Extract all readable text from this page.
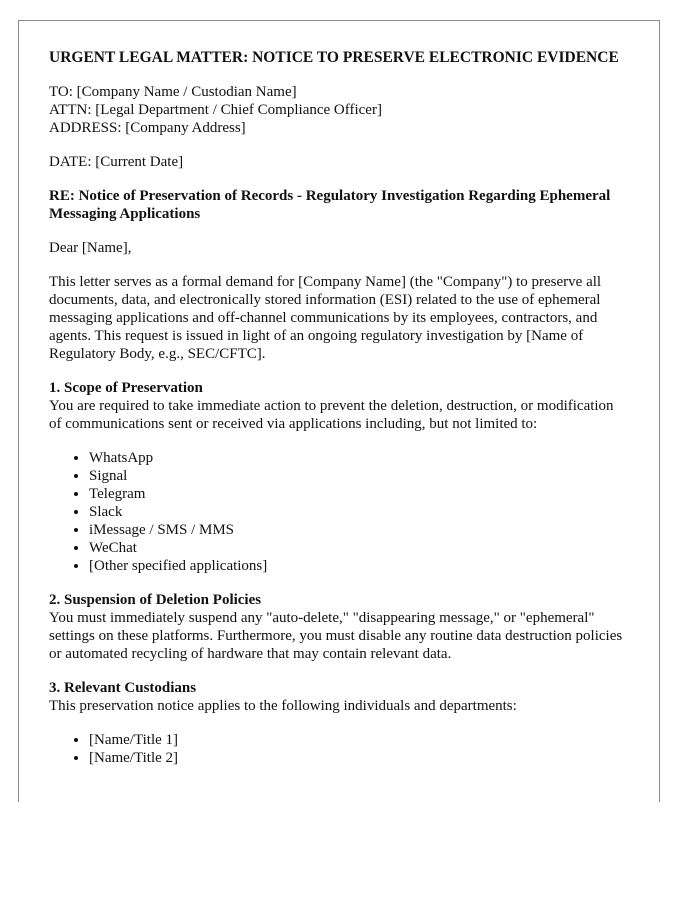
URGENT LEGAL MATTER: NOTICE TO PRESERVE ELECTRONIC EVIDENCE
TO: [Company Name / Custodian Name]
ATTN: [Legal Department / Chief Compliance Officer]
ADDRESS: [Company Address]
DATE: [Current Date]
RE: Notice of Preservation of Records - Regulatory Investigation Regarding Ephemeral Messaging Applications
Dear [Name],
This letter serves as a formal demand for [Company Name] (the "Company") to preserve all documents, data, and electronically stored information (ESI) related to the use of ephemeral messaging applications and off-channel communications by its employees, contractors, and agents. This request is issued in light of an ongoing regulatory investigation by [Name of Regulatory Body, e.g., SEC/CFTC].
1. Scope of Preservation
You are required to take immediate action to prevent the deletion, destruction, or modification of communications sent or received via applications including, but not limited to:
• WhatsApp
• Signal
• Telegram
• Slack
• iMessage / SMS / MMS
• WeChat
• [Other specified applications]
2. Suspension of Deletion Policies
You must immediately suspend any "auto-delete," "disappearing message," or "ephemeral" settings on these platforms. Furthermore, you must disable any routine data destruction policies or automated recycling of hardware that may contain relevant data.
3. Relevant Custodians
This preservation notice applies to the following individuals and departments:
• [Name/Title 1]
• [Name/Title 2]
